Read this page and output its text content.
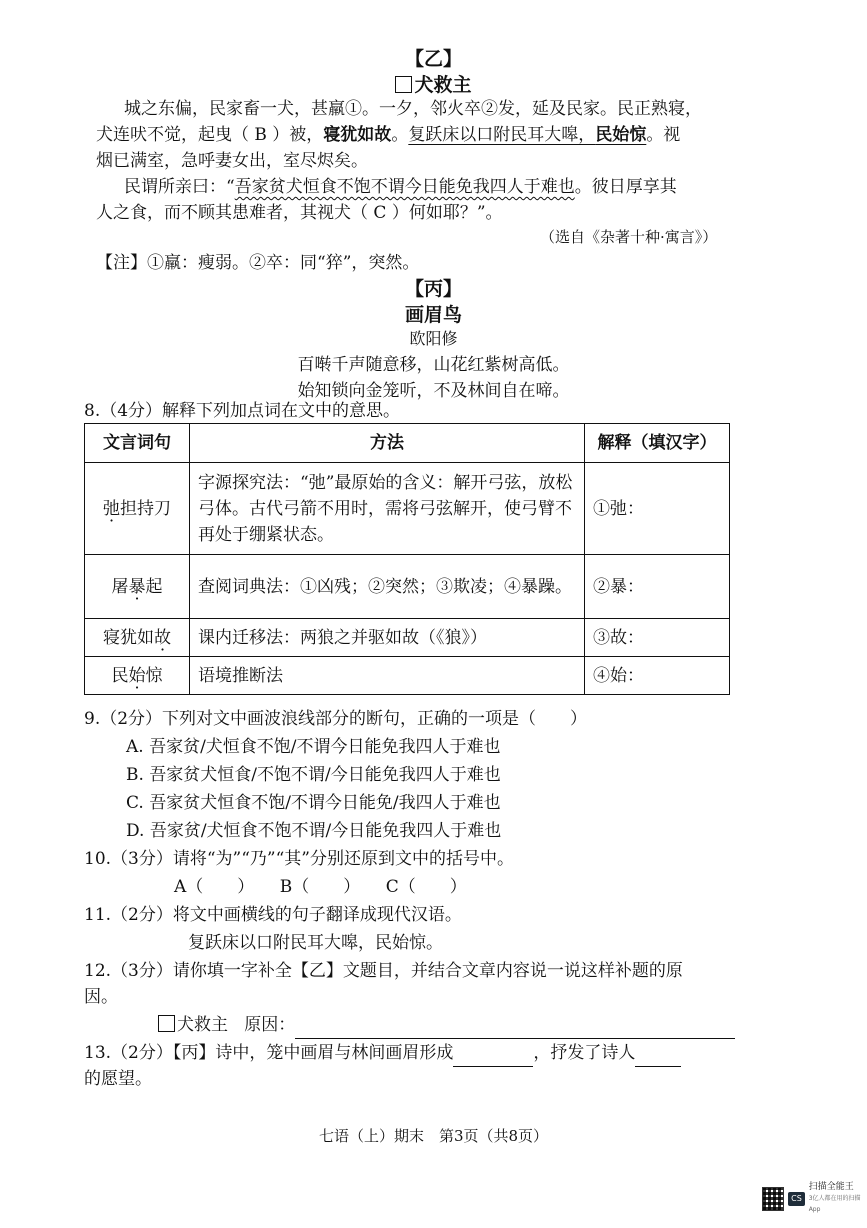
【乙】
犬救主
城之东偏，民家畜一犬，甚羸①。一夕，邻火卒②发，延及民家。民正熟寝，
犬连吠不觉，起曳（ B ）被，寝犹如故。复跃床以口附民耳大嗥，民始惊。视
烟已满室，急呼妻女出，室尽烬矣。
民谓所亲曰：“吾家贫犬恒食不饱不谓今日能免我四人于难也。彼日厚享其
人之食，而不顾其患难者，其视犬（ C ）何如耶？”。
（选自《杂著十种·寓言》）
【注】①羸：瘦弱。②卒：同“猝”，突然。
【丙】
画眉鸟
欧阳修
百啭千声随意移，山花红紫树高低。
始知锁向金笼听，不及林间自在啼。
8.（4分）解释下列加点词在文中的意思。
文言词句	方法	解释（填汉字）
弛担持刀	字源探究法：“弛”最原始的含义：解开弓弦，放松弓体。古代弓箭不用时，需将弓弦解开，使弓臂不再处于绷紧状态。	①弛：
屠暴起	查阅词典法：①凶残；②突然；③欺凌；④暴躁。	②暴：
寝犹如故	课内迁移法：两狼之并驱如故（《狼》）	③故：
民始惊	语境推断法	④始：
9.（2分）下列对文中画波浪线部分的断句，正确的一项是（　　）
A. 吾家贫/犬恒食不饱/不谓今日能免我四人于难也
B. 吾家贫犬恒食/不饱不谓/今日能免我四人于难也
C. 吾家贫犬恒食不饱/不谓今日能免/我四人于难也
D. 吾家贫/犬恒食不饱不谓/今日能免我四人于难也
10.（3分）请将“为”“乃”“其”分别还原到文中的括号中。
A（　　）　　B（　　）　　C（　　）
11.（2分）将文中画横线的句子翻译成现代汉语。
复跃床以口附民耳大嗥，民始惊。
12.（3分）请你填一字补全【乙】文题目，并结合文章内容说一说这样补题的原
因。
犬救主 原因：
13.（2分）【丙】诗中，笼中画眉与林间画眉形成	，抒发了诗人
的愿望。
七语（上）期末　第3页（共8页）
CS
扫描全能王
3亿人都在用的扫描App
